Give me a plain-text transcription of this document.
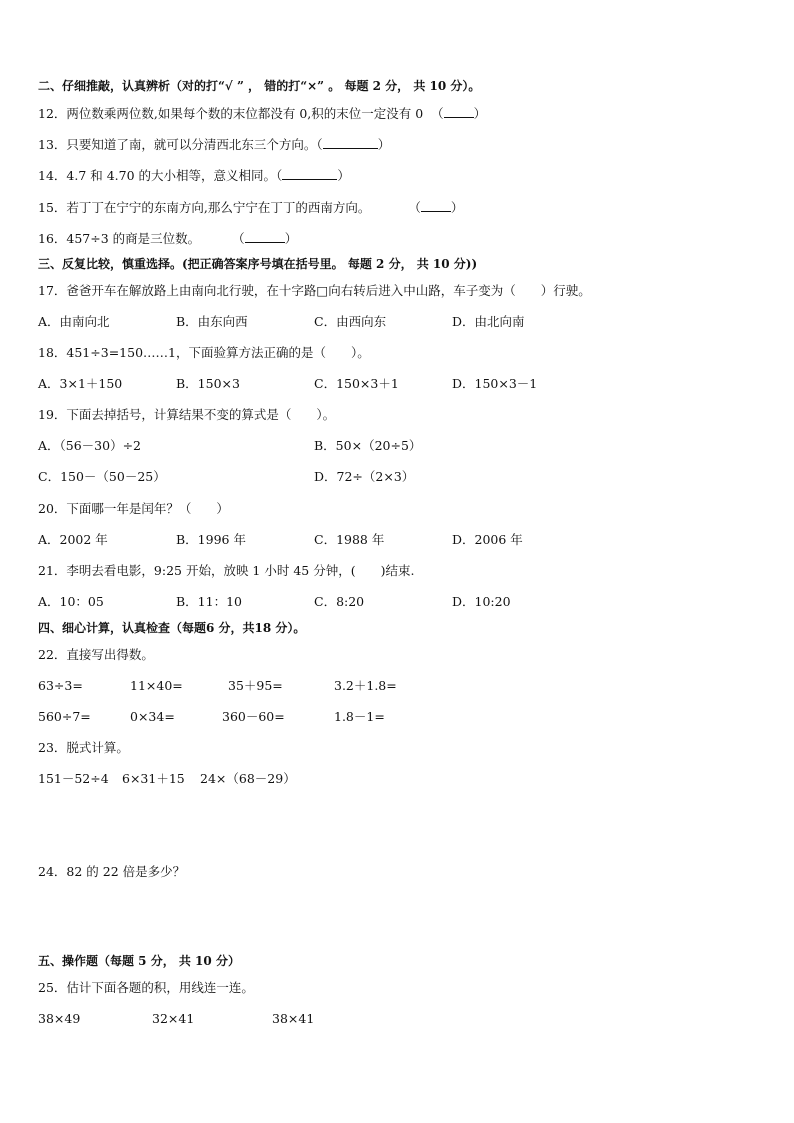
二、仔细推敲，认真辨析（对的打“√ ” ， 错的打“×” 。 每题 2 分， 共 10 分）。
12．两位数乘两位数,如果每个数的末位都没有 0,积的末位一定没有 0  （ ）
13．只要知道了南，就可以分清西北东三个方向。（	）
14．4.7 和 4.70 的大小相等，意义相同。（	）
15．若丁丁在宁宁的东南方向,那么宁宁在丁丁的西南方向。	（ ）
16．457÷3 的商是三位数。	（	）
三、反复比较，慎重选择。(把正确答案序号填在括号里。 每题 2 分， 共 10 分))
17．爸爸开车在解放路上由南向北行驶，在十字路□向右转后进入中山路，车子变为（　　）行驶。
A．由南向北	B．由东向西	C．由西向东	D．由北向南
18．451÷3=150……1，下面验算方法正确的是（　　）。
A．3×1＋150	B．150×3	C．150×3＋1	D．150×3－1
19．下面去掉括号，计算结果不变的算式是（　　）。
A．（56－30）÷2	B．50×（20÷5）
C．150－（50－25）	D．72÷（2×3）
20．下面哪一年是闰年？（　　）
A．2002 年	B．1996 年	C．1988 年	D．2006 年
21．李明去看电影，9:25 开始，放映 1 小时 45 分钟，(　　)结束.
A．10：05	B．11：10	C．8:20	D．10:20
四、细心计算，认真检查（每题6 分，共18 分）。
22．直接写出得数。
63÷3=	11×40=	35＋95=	3.2＋1.8=
560÷7=	0×34=	360－60=	1.8－1=
23．脱式计算。
151－52÷4 6×31＋15 24×（68－29）
24．82 的 22 倍是多少？
五、操作题（每题 5 分， 共 10 分）
25．估计下面各题的积，用线连一连。
38×49	32×41	38×41
